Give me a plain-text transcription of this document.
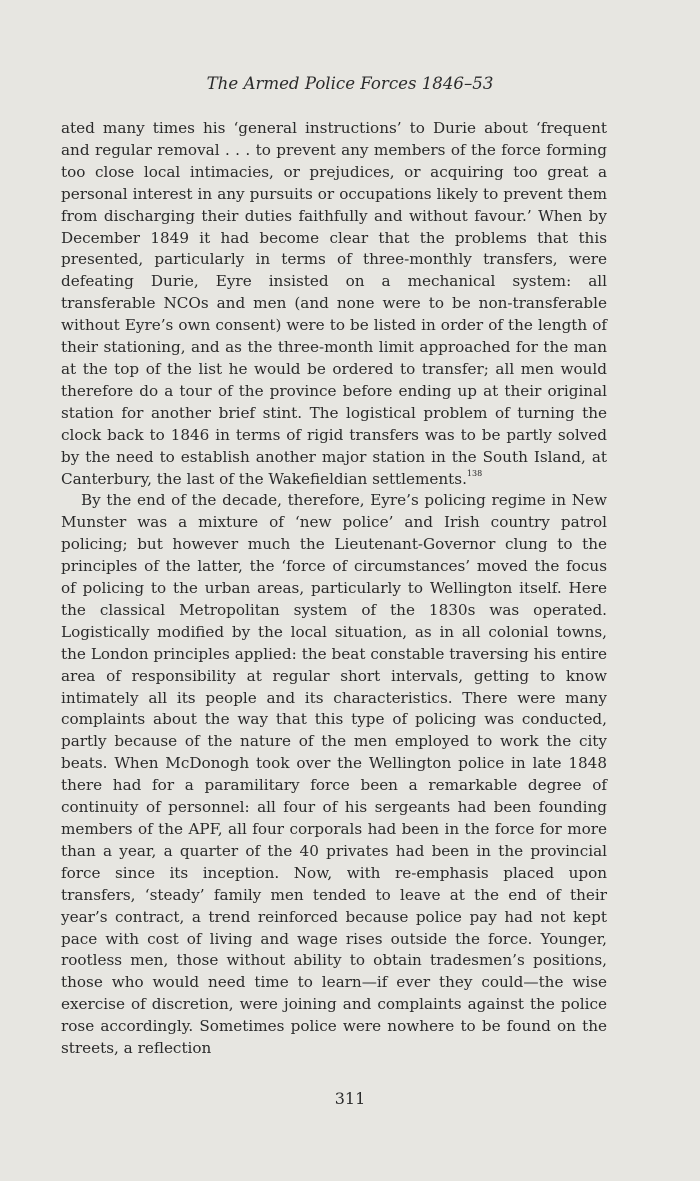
The Armed Police Forces 1846–53

ated many times his ‘general instructions’ to Durie about ‘frequent and regular removal . . . to prevent any members of the force forming too close local intimacies, or prejudices, or acquiring too great a personal interest in any pursuits or occupations likely to prevent them from discharging their duties faithfully and without favour.’ When by December 1849 it had become clear that the problems that this presented, particularly in terms of three-monthly transfers, were defeating Durie, Eyre insisted on a mechanical system: all transferable NCOs and men (and none were to be non-transferable without Eyre’s own consent) were to be listed in order of the length of their stationing, and as the three-month limit approached for the man at the top of the list he would be ordered to transfer; all men would therefore do a tour of the province before ending up at their original station for another brief stint. The logistical problem of turning the clock back to 1846 in terms of rigid transfers was to be partly solved by the need to establish another major station in the South Island, at Canterbury, the last of the Wakefieldian settlements.$^{138}$

By the end of the decade, therefore, Eyre’s policing regime in New Munster was a mixture of ‘new police’ and Irish country patrol policing; but however much the Lieutenant-Governor clung to the principles of the latter, the ‘force of circumstances’ moved the focus of policing to the urban areas, particularly to Wellington itself. Here the classical Metropolitan system of the 1830s was operated. Logistically modified by the local situation, as in all colonial towns, the London principles applied: the beat constable traversing his entire area of responsibility at regular short intervals, getting to know intimately all its people and its characteristics. There were many complaints about the way that this type of policing was conducted, partly because of the nature of the men employed to work the city beats. When McDonogh took over the Wellington police in late 1848 there had for a paramilitary force been a remarkable degree of continuity of personnel: all four of his sergeants had been founding members of the APF, all four corporals had been in the force for more than a year, a quarter of the 40 privates had been in the provincial force since its inception. Now, with re-emphasis placed upon transfers, ‘steady’ family men tended to leave at the end of their year’s contract, a trend reinforced because police pay had not kept pace with cost of living and wage rises outside the force. Younger, rootless men, those without ability to obtain tradesmen’s positions, those who would need time to learn—if ever they could—the wise exercise of discretion, were joining and complaints against the police rose accordingly. Sometimes police were nowhere to be found on the streets, a reflection

311
